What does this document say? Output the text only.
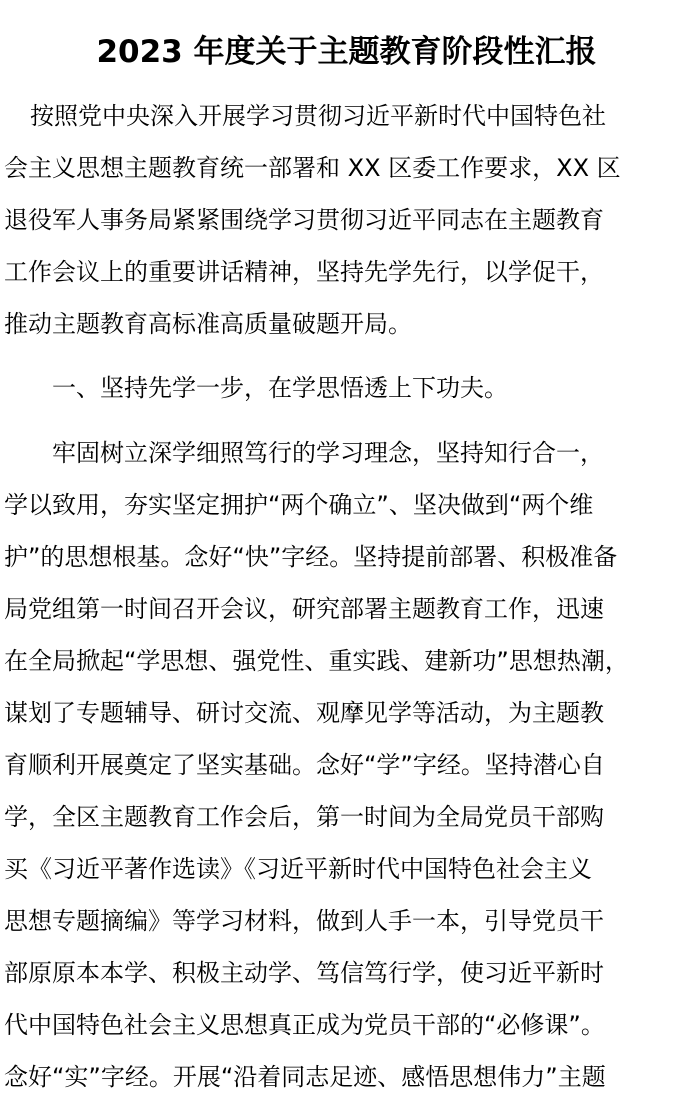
2023 年度关于主题教育阶段性汇报

按照党中央深入开展学习贯彻习近平新时代中国特色社

会主义思想主题教育统一部署和 XX 区委工作要求，XX 区

退役军人事务局紧紧围绕学习贯彻习近平同志在主题教育

工作会议上的重要讲话精神，坚持先学先行，以学促干，

推动主题教育高标准高质量破题开局。

一、坚持先学一步，在学思悟透上下功夫。

牢固树立深学细照笃行的学习理念，坚持知行合一，

学以致用，夯实坚定拥护“两个确立”、坚决做到“两个维

护”的思想根基。念好“快”字经。坚持提前部署、积极准备

局党组第一时间召开会议，研究部署主题教育工作，迅速

在全局掀起“学思想、强党性、重实践、建新功”思想热潮，

谋划了专题辅导、研讨交流、观摩见学等活动，为主题教

育顺利开展奠定了坚实基础。念好“学”字经。坚持潜心自

学，全区主题教育工作会后，第一时间为全局党员干部购

买《习近平著作选读》《习近平新时代中国特色社会主义

思想专题摘编》等学习材料，做到人手一本，引导党员干

部原原本本学、积极主动学、笃信笃行学，使习近平新时

代中国特色社会主义思想真正成为党员干部的“必修课”。

念好“实”字经。开展“沿着同志足迹、感悟思想伟力”主题
